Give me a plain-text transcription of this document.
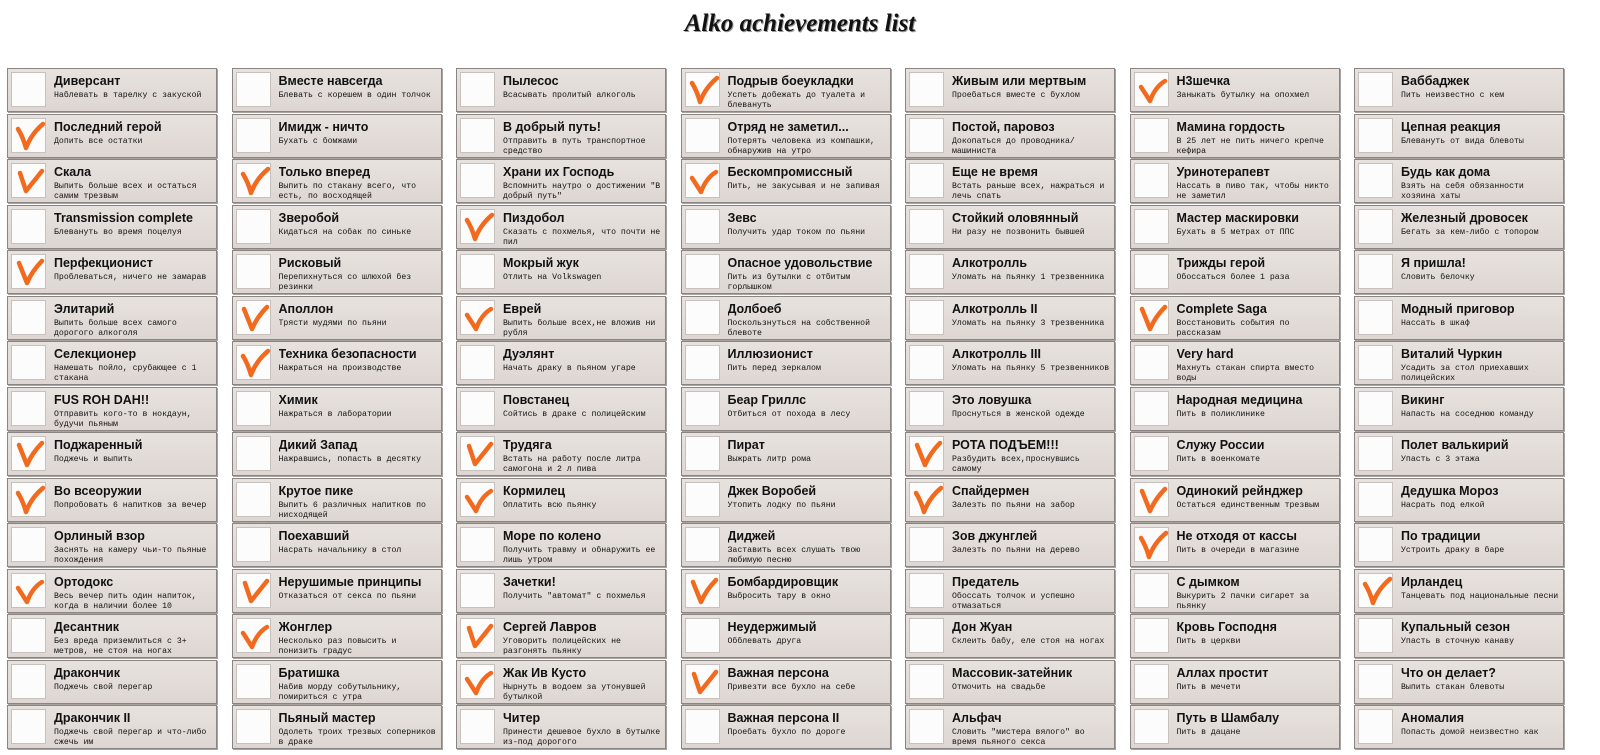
Alko achievements list
Диверсант
Наблевать в тарелку с закуской
Последний герой
Допить все остатки
Скала
Выпить больше всех и остаться самим трезвым
Transmission complete
Блевануть во время поцелуя
Перфекционист
Проблеваться, ничего не замарав
Элитарий
Выпить больше всех самого дорогого алкоголя
Селекционер
Намешать пойло, срубающее с 1 стакана
FUS ROH DAH!!
Отправить кого-то в нокдаун, будучи пьяным
Поджаренный
Поджечь и выпить
Во всеоружии
Попробовать 6 напитков за вечер
Орлиный взор
Заснять на камеру чьи-то пьяные похождения
Ортодокс
Весь вечер пить один напиток, когда в наличии более 10
Десантник
Без вреда приземлиться с 3+ метров, не стоя на ногах
Дракончик
Поджечь свой перегар
Дракончик II
Поджечь свой перегар и что-либо сжечь им
Вместе навсегда
Блевать с корешем в один толчок
Имидж - ничто
Бухать с бомжами
Только вперед
Выпить по стакану всего, что есть, по восходящей
Зверобой
Кидаться на собак по синьке
Рисковый
Перепихнуться со шлюхой без резинки
Аполлон
Трясти мудями по пьяни
Техника безопасности
Нажраться на производстве
Химик
Нажраться в лаборатории
Дикий Запад
Нажравшись, попасть в десятку
Крутое пике
Выпить 6 различных напитков по нисходящей
Поехавший
Насрать начальнику в стол
Нерушимые принципы
Отказаться от секса по пьяни
Жонглер
Несколько раз повысить и понизить градус
Братишка
Набив морду собутыльнику, помириться с утра
Пьяный мастер
Одолеть троих трезвых соперников в драке
Пылесос
Всасывать пролитый алкоголь
В добрый путь!
Отправить в путь транспортное средство
Храни их Господь
Вспомнить наутро о достижении "В добрый путь"
Пиздобол
Сказать с похмелья, что почти не пил
Мокрый жук
Отлить на Volkswagen
Еврей
Выпить больше всех,не вложив ни рубля
Дуэлянт
Начать драку в пьяном угаре
Повстанец
Сойтись в драке с полицейским
Трудяга
Встать на работу после литра самогона и 2 л пива
Кормилец
Оплатить всю пьянку
Море по колено
Получить травму и обнаружить ее лишь утром
Зачетки!
Получить "автомат" с похмелья
Сергей Лавров
Уговорить полицейских не разгонять пьянку
Жак Ив Кусто
Нырнуть в водоем за утонувшей бутылкой
Читер
Принести дешевое бухло в бутылке из-под дорогого
Подрыв боеукладки
Успеть добежать до туалета и блевануть
Отряд не заметил...
Потерять человека из компашки, обнаружив на утро
Бескомпромиссный
Пить, не закусывая и не запивая
Зевс
Получить удар током по пьяни
Опасное удовольствие
Пить из бутылки с отбитым горлышком
Долбоеб
Поскользнуться на собственной блевоте
Иллюзионист
Пить перед зеркалом
Беар Гриллс
Отбиться от похода в лесу
Пират
Выжрать литр рома
Джек Воробей
Утопить лодку по пьяни
Диджей
Заставить всех слушать твою любимую песню
Бомбардировщик
Выбросить тару в окно
Неудержимый
Обблевать друга
Важная персона
Привезти все бухло на себе
Важная персона II
Проебать бухло по дороге
Живым или мертвым
Проебаться вместе с бухлом
Постой, паровоз
Докопаться до проводника/машиниста
Еще не время
Встать раньше всех, нажраться и лечь спать
Стойкий оловянный
Ни разу не позвонить бывшей
Алкотролль
Уломать на пьянку 1 трезвенника
Алкотролль II
Уломать на пьянку 3 трезвенника
Алкотролль III
Уломать на пьянку 5 трезвенников
Это ловушка
Проснуться в женской одежде
РОТА ПОДЪЕМ!!!
Разбудить всех,проснувшись самому
Спайдермен
Залезть по пьяни на забор
Зов джунглей
Залезть по пьяни на дерево
Предатель
Обоссать толчок и успешно отмазаться
Дон Жуан
Склеить бабу, еле стоя на ногах
Массовик-затейник
Отмочить на свадьбе
Альфач
Словить "мистера вялого" во время пьяного секса
Н3шечка
Заныкать бутылку на опохмел
Мамина гордость
В 25 лет не пить ничего крепче кефира
Уринотерапевт
Нассать в пиво так, чтобы никто не заметил
Мастер маскировки
Бухать в 5 метрах от ППС
Трижды герой
Обоссаться более 1 раза
Complete Saga
Восстановить события по рассказам
Very hard
Махнуть стакан спирта вместо воды
Народная медицина
Пить в поликлинике
Служу России
Пить в военкомате
Одинокий рейнджер
Остаться единственным трезвым
Не отходя от кассы
Пить в очереди в магазине
С дымком
Выкурить 2 пачки сигарет за пьянку
Кровь Господня
Пить в церкви
Аллах простит
Пить в мечети
Путь в Шамбалу
Пить в дацане
Ваббаджек
Пить неизвестно с кем
Цепная реакция
Блевануть от вида блевоты
Будь как дома
Взять на себя обязанности хозяина хаты
Железный дровосек
Бегать за кем-либо с топором
Я пришла!
Словить белочку
Модный приговор
Нассать в шкаф
Виталий Чуркин
Усадить за стол приехавших полицейских
Викинг
Напасть на соседнюю команду
Полет валькирий
Упасть с 3 этажа
Дедушка Мороз
Насрать под елкой
По традиции
Устроить драку в баре
Ирландец
Танцевать под национальные песни
Купальный сезон
Упасть в сточную канаву
Что он делает?
Выпить стакан блевоты
Аномалия
Попасть домой неизвестно как
